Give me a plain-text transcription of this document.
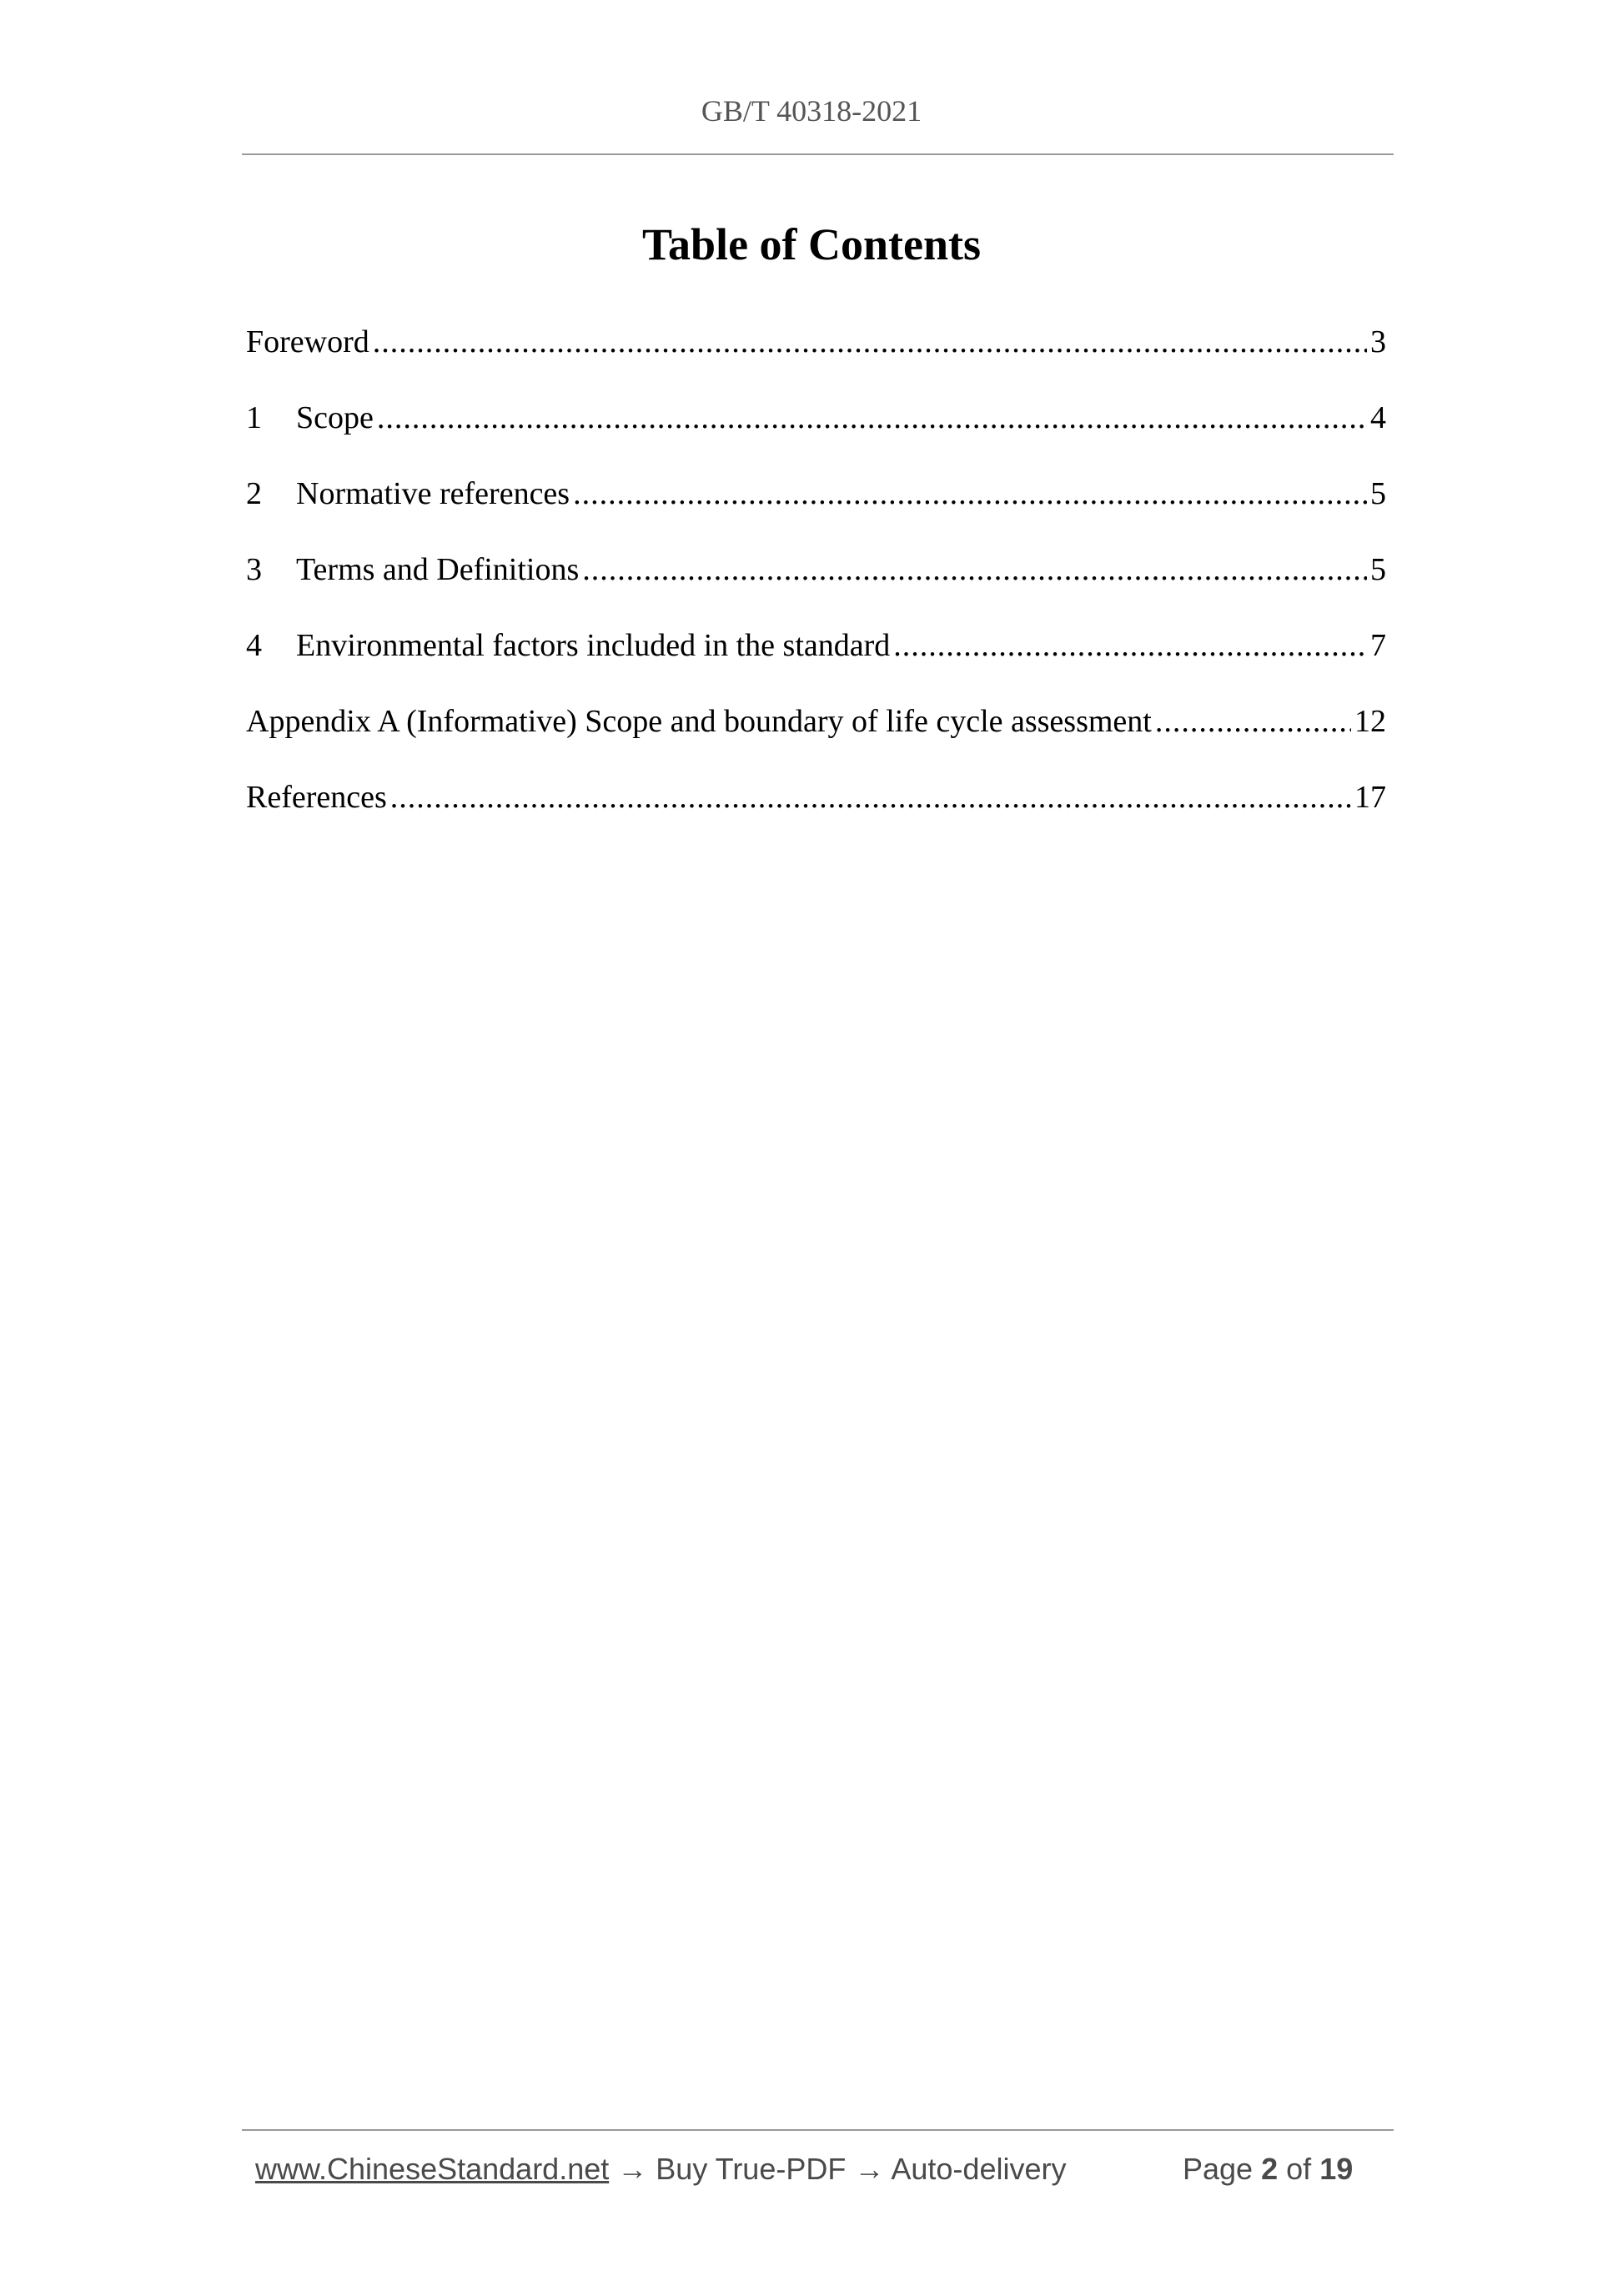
GB/T 40318-2021
Table of Contents
Foreword .....	3
1	Scope .....	4
2	Normative references .....	5
3	Terms and Definitions .....	5
4	Environmental factors included in the standard .....	7
Appendix A (Informative) Scope and boundary of life cycle assessment .....	12
References .....	17
www.ChineseStandard.net → Buy True-PDF → Auto-delivery	Page 2 of 19
